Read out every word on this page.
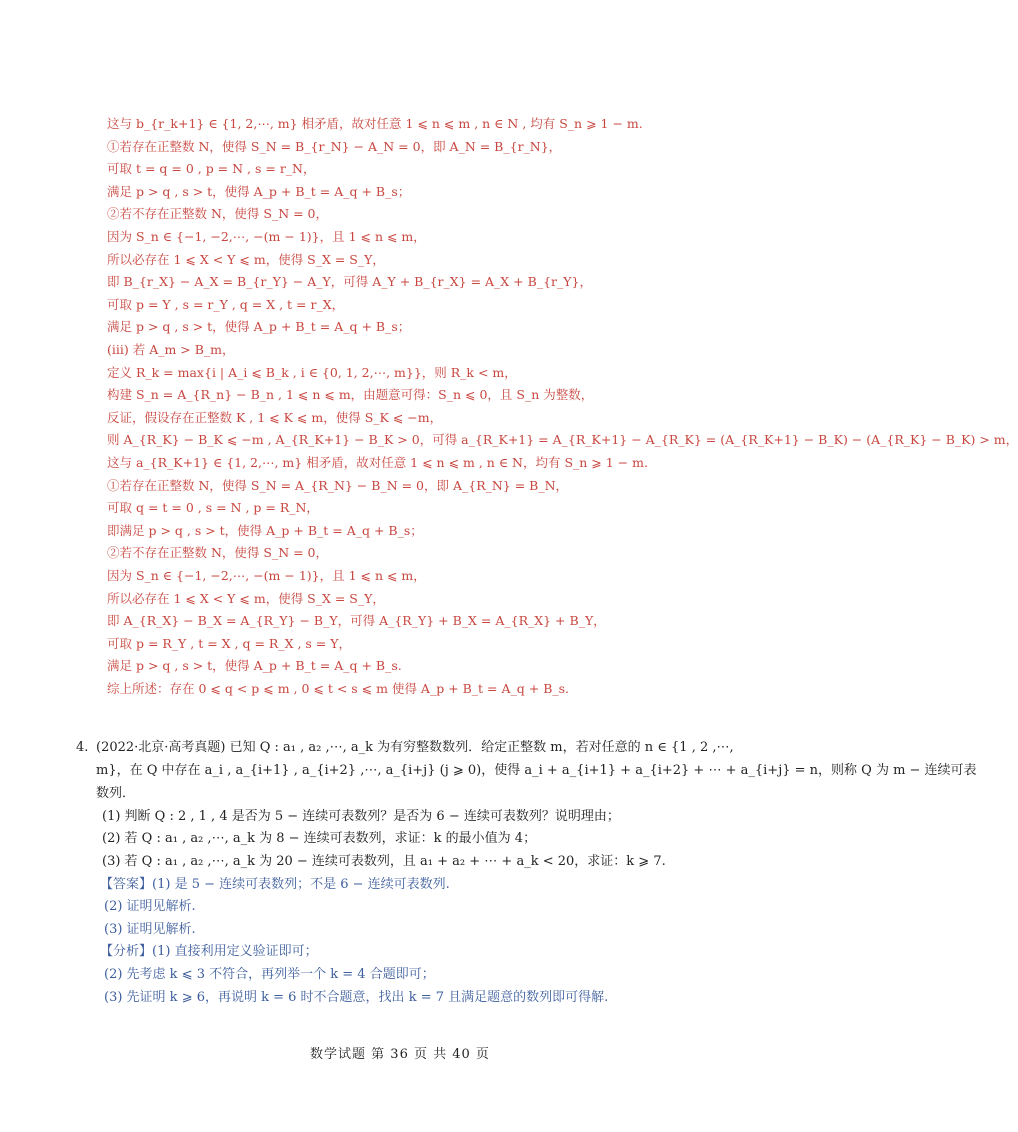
这与 b_{r_k+1} ∈ {1, 2,⋯, m} 相矛盾，故对任意 1 ⩽ n ⩽ m , n ∈ N , 均有 S_n ⩾ 1 − m.
①若存在正整数 N，使得 S_N = B_{r_N} − A_N = 0，即 A_N = B_{r_N}，
可取 t = q = 0 , p = N , s = r_N，
满足 p > q , s > t，使得 A_p + B_t = A_q + B_s；
②若不存在正整数 N，使得 S_N = 0，
因为 S_n ∈ {−1, −2,⋯, −(m − 1)}，且 1 ⩽ n ⩽ m，
所以必存在 1 ⩽ X < Y ⩽ m，使得 S_X = S_Y，
即 B_{r_X} − A_X = B_{r_Y} − A_Y，可得 A_Y + B_{r_X} = A_X + B_{r_Y}，
可取 p = Y , s = r_Y , q = X , t = r_X，
满足 p > q , s > t，使得 A_p + B_t = A_q + B_s；
(iii) 若 A_m > B_m，
定义 R_k = max{i | A_i ⩽ B_k , i ∈ {0, 1, 2,⋯, m}}，则 R_k < m，
构建 S_n = A_{R_n} − B_n , 1 ⩽ n ⩽ m，由题意可得：S_n ⩽ 0，且 S_n 为整数，
反证，假设存在正整数 K , 1 ⩽ K ⩽ m，使得 S_K ⩽ −m，
则 A_{R_K} − B_K ⩽ −m , A_{R_K+1} − B_K > 0，可得 a_{R_K+1} = A_{R_K+1} − A_{R_K} = (A_{R_K+1} − B_K) − (A_{R_K} − B_K) > m，
这与 a_{R_K+1} ∈ {1, 2,⋯, m} 相矛盾，故对任意 1 ⩽ n ⩽ m , n ∈ N，均有 S_n ⩾ 1 − m.
①若存在正整数 N，使得 S_N = A_{R_N} − B_N = 0，即 A_{R_N} = B_N，
可取 q = t = 0 , s = N , p = R_N，
即满足 p > q , s > t，使得 A_p + B_t = A_q + B_s；
②若不存在正整数 N，使得 S_N = 0，
因为 S_n ∈ {−1, −2,⋯, −(m − 1)}，且 1 ⩽ n ⩽ m，
所以必存在 1 ⩽ X < Y ⩽ m，使得 S_X = S_Y，
即 A_{R_X} − B_X = A_{R_Y} − B_Y，可得 A_{R_Y} + B_X = A_{R_X} + B_Y，
可取 p = R_Y , t = X , q = R_X , s = Y，
满足 p > q , s > t，使得 A_p + B_t = A_q + B_s.
综上所述：存在 0 ⩽ q < p ⩽ m , 0 ⩽ t < s ⩽ m 使得 A_p + B_t = A_q + B_s.
4. (2022·北京·高考真题) 已知 Q : a₁ , a₂ ,⋯, a_k 为有穷整数数列．给定正整数 m，若对任意的 n ∈ {1 , 2 ,⋯,
m}，在 Q 中存在 a_i , a_{i+1} , a_{i+2} ,⋯, a_{i+j} (j ⩾ 0)，使得 a_i + a_{i+1} + a_{i+2} + ⋯ + a_{i+j} = n，则称 Q 为 m − 连续可表
数列．
(1) 判断 Q : 2 , 1 , 4 是否为 5 − 连续可表数列？是否为 6 − 连续可表数列？说明理由；
(2) 若 Q : a₁ , a₂ ,⋯, a_k 为 8 − 连续可表数列，求证：k 的最小值为 4；
(3) 若 Q : a₁ , a₂ ,⋯, a_k 为 20 − 连续可表数列，且 a₁ + a₂ + ⋯ + a_k < 20，求证：k ⩾ 7.
【答案】(1) 是 5 − 连续可表数列；不是 6 − 连续可表数列.
(2) 证明见解析.
(3) 证明见解析.
【分析】(1) 直接利用定义验证即可；
(2) 先考虑 k ⩽ 3 不符合，再列举一个 k = 4 合题即可；
(3) 先证明 k ⩾ 6，再说明 k = 6 时不合题意，找出 k = 7 且满足题意的数列即可得解.
数学试题 第 36 页 共 40 页
